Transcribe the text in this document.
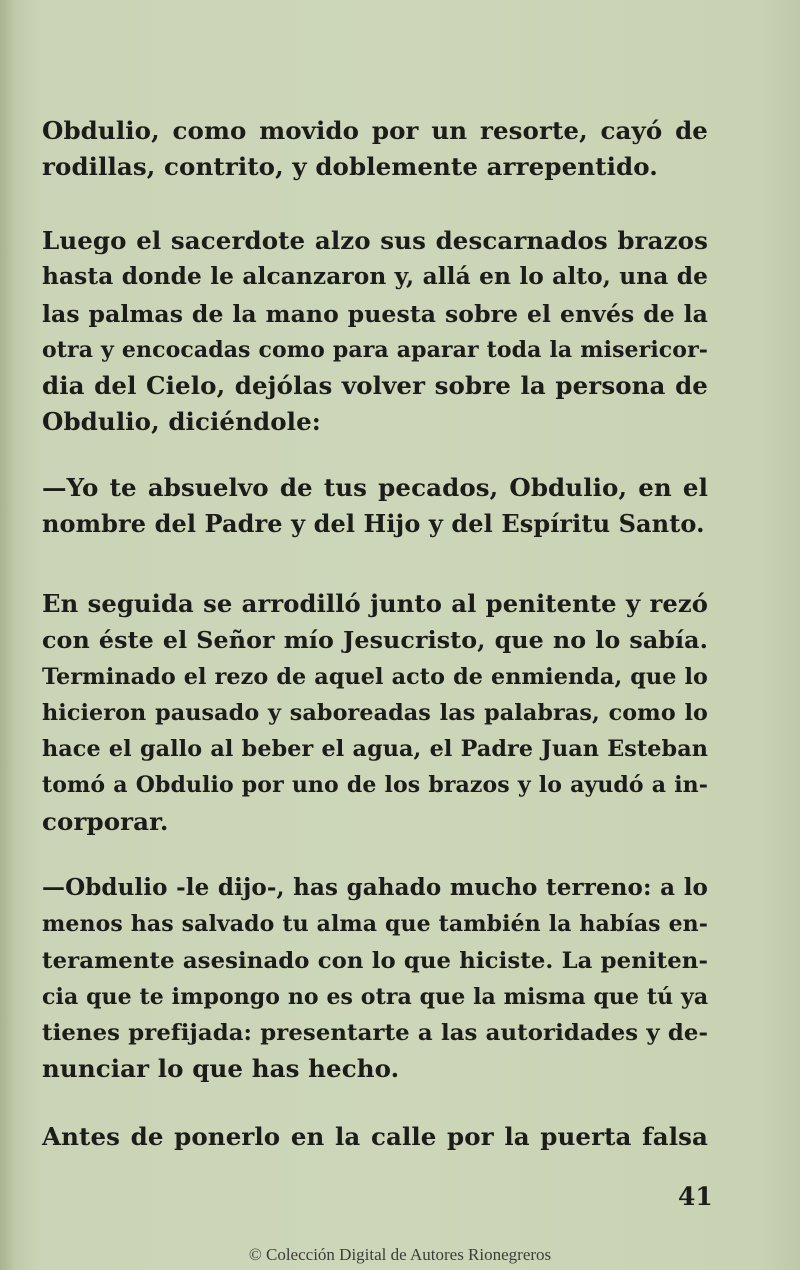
Obdulio, como movido por un resorte, cayó de
rodillas, contrito, y doblemente arrepentido.
Luego el sacerdote alzo sus descarnados brazos
hasta donde le alcanzaron y, allá en lo alto, una de
las palmas de la mano puesta sobre el envés de la
otra y encocadas como para aparar toda la misericor-
dia del Cielo, dejólas volver sobre la persona de
Obdulio, diciéndole:
—Yo te absuelvo de tus pecados, Obdulio, en el
nombre del Padre y del Hijo y del Espíritu Santo.
En seguida se arrodilló junto al penitente y rezó
con éste el Señor mío Jesucristo, que no lo sabía.
Terminado el rezo de aquel acto de enmienda, que lo
hicieron pausado y saboreadas las palabras, como lo
hace el gallo al beber el agua, el Padre Juan Esteban
tomó a Obdulio por uno de los brazos y lo ayudó a in-
corporar.
—Obdulio -le dijo-, has gahado mucho terreno: a lo
menos has salvado tu alma que también la habías en-
teramente asesinado con lo que hiciste. La peniten-
cia que te impongo no es otra que la misma que tú ya
tienes prefijada: presentarte a las autoridades y de-
nunciar lo que has hecho.
Antes de ponerlo en la calle por la puerta falsa
41
© Colección Digital de Autores Rionegreros
